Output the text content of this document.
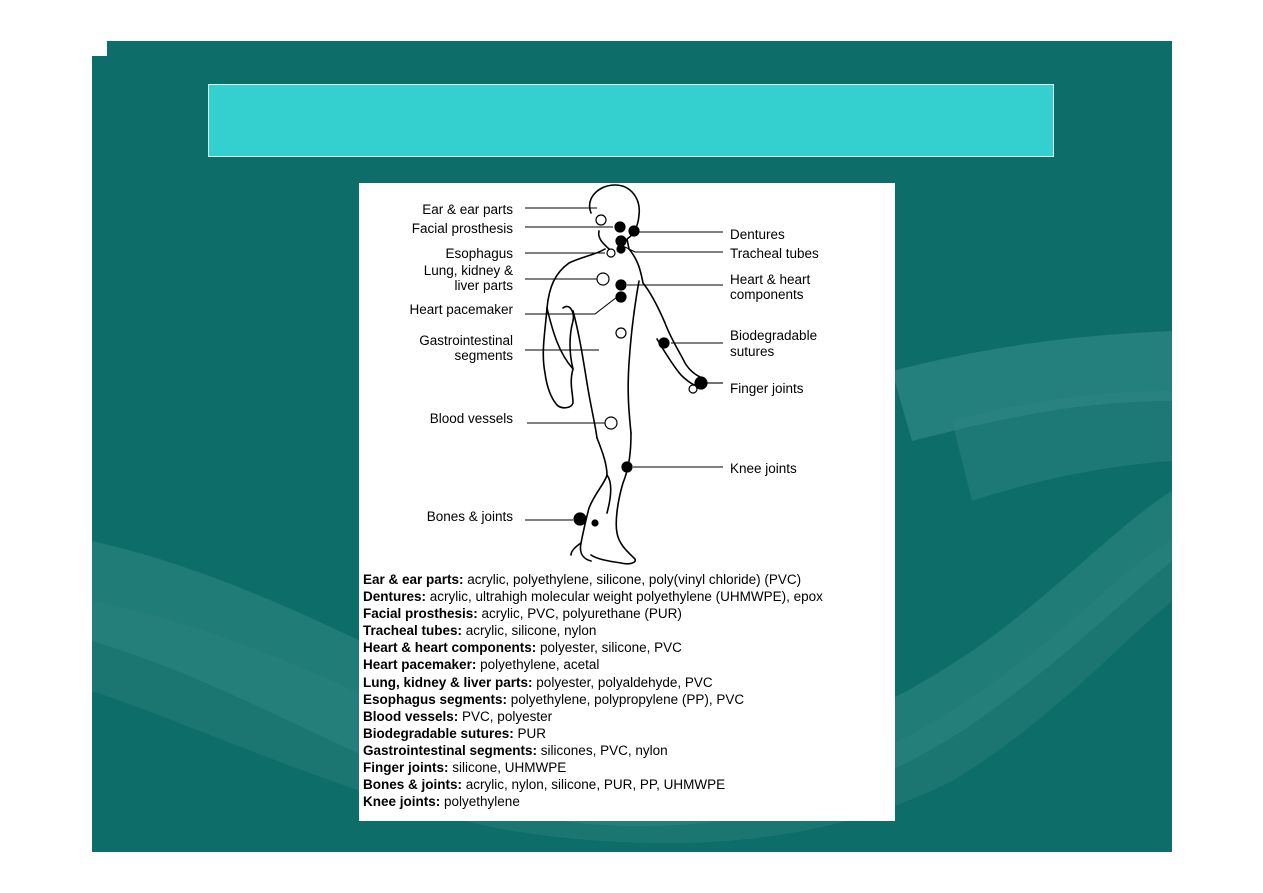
Ear & ear parts
Facial prosthesis
Esophagus
Lung, kidney &
liver parts
Heart pacemaker
Gastrointestinal
segments
Blood vessels
Bones & joints
Dentures
Tracheal tubes
Heart & heart
components
Biodegradable
sutures
Finger joints
Knee joints
Ear & ear parts: acrylic, polyethylene, silicone, poly(vinyl chloride) (PVC)
Dentures: acrylic, ultrahigh molecular weight polyethylene (UHMWPE), epox
Facial prosthesis: acrylic, PVC, polyurethane (PUR)
Tracheal tubes: acrylic, silicone, nylon
Heart & heart components: polyester, silicone, PVC
Heart pacemaker: polyethylene, acetal
Lung, kidney & liver parts: polyester, polyaldehyde, PVC
Esophagus segments: polyethylene, polypropylene (PP), PVC
Blood vessels: PVC, polyester
Biodegradable sutures: PUR
Gastrointestinal segments: silicones, PVC, nylon
Finger joints: silicone, UHMWPE
Bones & joints: acrylic, nylon, silicone, PUR, PP, UHMWPE
Knee joints: polyethylene
